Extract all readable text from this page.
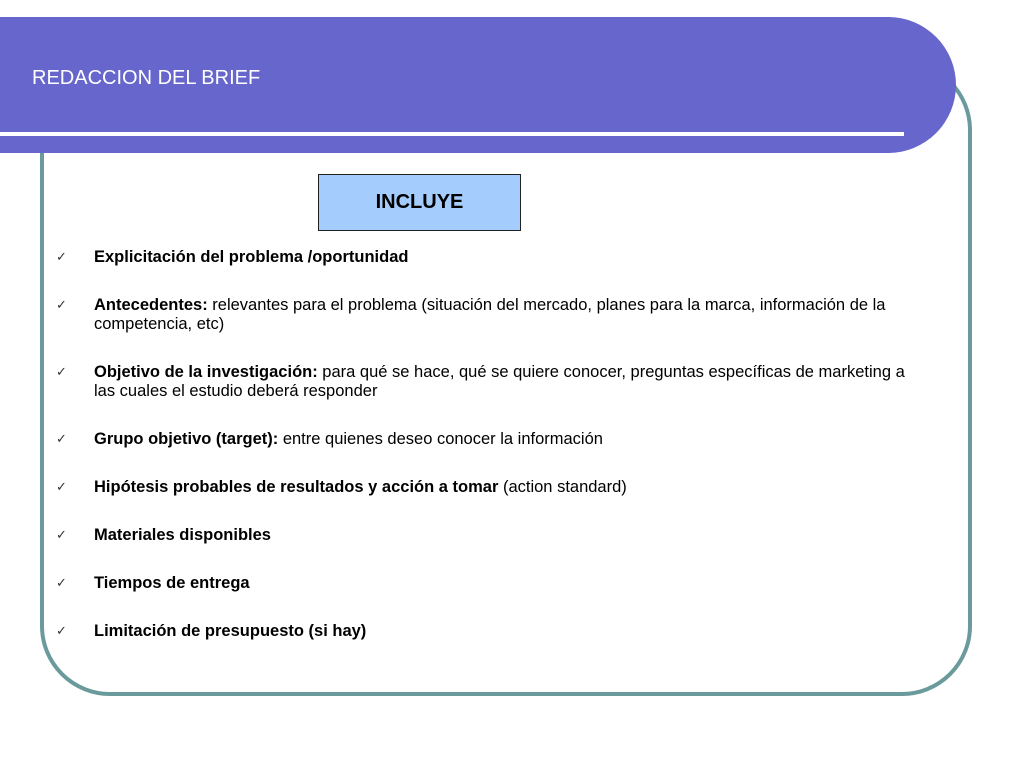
REDACCION DEL BRIEF
INCLUYE
✓ Explicitación del problema /oportunidad
✓ Antecedentes: relevantes para el problema (situación del mercado, planes para la marca, información de la competencia, etc)
✓ Objetivo de la investigación: para qué se hace, qué se quiere conocer, preguntas específicas de marketing a las cuales el estudio deberá responder
✓ Grupo objetivo (target): entre quienes deseo conocer la información
✓ Hipótesis probables de resultados y acción a tomar (action standard)
✓ Materiales disponibles
✓ Tiempos de entrega
✓ Limitación de presupuesto (si hay)
